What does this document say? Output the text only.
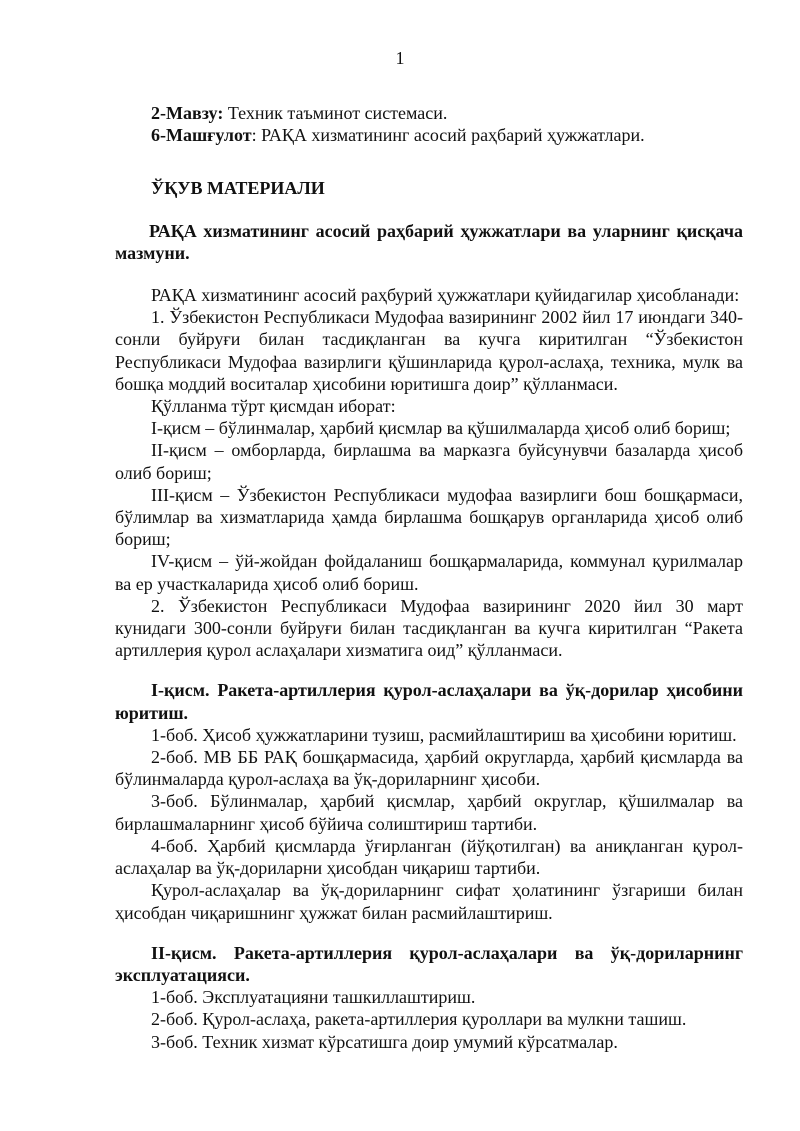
1

2-Мавзу: Техник таъминот системаси.

6-Машғулот: РАҚА хизматининг асосий раҳбарий ҳужжатлари.

ЎҚУВ МАТЕРИАЛИ

РАҚА хизматининг асосий раҳбарий ҳужжатлари ва уларнинг қисқача мазмуни.

РАҚА хизматининг асосий раҳбурий ҳужжатлари қуйидагилар ҳисобланади:

1. Ўзбекистон Республикаси Мудофаа вазирининг 2002 йил 17 июндаги 340-сонли буйруғи билан тасдиқланган ва кучга киритилган “Ўзбекистон Республикаси Мудофаа вазирлиги қўшинларида қурол-аслаҳа, техника, мулк ва бошқа моддий воситалар ҳисобини юритишга доир” қўлланмаси.

Қўлланма тўрт қисмдан иборат:

I-қисм – бўлинмалар, ҳарбий қисмлар ва қўшилмаларда ҳисоб олиб бориш;

II-қисм – омборларда, бирлашма ва марказга буйсунувчи базаларда ҳисоб олиб бориш;

III-қисм – Ўзбекистон Республикаси мудофаа вазирлиги бош бошқармаси, бўлимлар ва хизматларида ҳамда бирлашма бошқарув органларида ҳисоб олиб бориш;

IV-қисм – ўй-жойдан фойдаланиш бошқармаларида, коммунал қурилмалар ва ер участкаларида ҳисоб олиб бориш.

2. Ўзбекистон Республикаси Мудофаа вазирининг 2020 йил 30 март кунидаги 300-сонли буйруғи билан тасдиқланган ва кучга киритилган “Ракета артиллерия қурол аслаҳалари хизматига оид” қўлланмаси.

I-қисм. Ракета-артиллерия қурол-аслаҳалари ва ўқ-дорилар ҳисобини юритиш.

1-боб. Ҳисоб ҳужжатларини тузиш, расмийлаштириш ва ҳисобини юритиш.

2-боб. МВ ББ РАҚ бошқармасида, ҳарбий округларда, ҳарбий қисмларда ва бўлинмаларда қурол-аслаҳа ва ўқ-дориларнинг ҳисоби.

3-боб. Бўлинмалар, ҳарбий қисмлар, ҳарбий округлар, қўшилмалар ва бирлашмаларнинг ҳисоб бўйича солиштириш тартиби.

4-боб. Ҳарбий қисмларда ўғирланган (йўқотилган) ва аниқланган қурол-аслаҳалар ва ўқ-дориларни ҳисобдан чиқариш тартиби.

Қурол-аслаҳалар ва ўқ-дориларнинг сифат ҳолатининг ўзгариши билан ҳисобдан чиқаришнинг ҳужжат билан расмийлаштириш.

II-қисм. Ракета-артиллерия қурол-аслаҳалари ва ўқ-дориларнинг эксплуатацияси.

1-боб. Эксплуатацияни ташкиллаштириш.

2-боб. Қурол-аслаҳа, ракета-артиллерия қуроллари ва мулкни ташиш.

3-боб. Техник хизмат кўрсатишга доир умумий кўрсатмалар.
